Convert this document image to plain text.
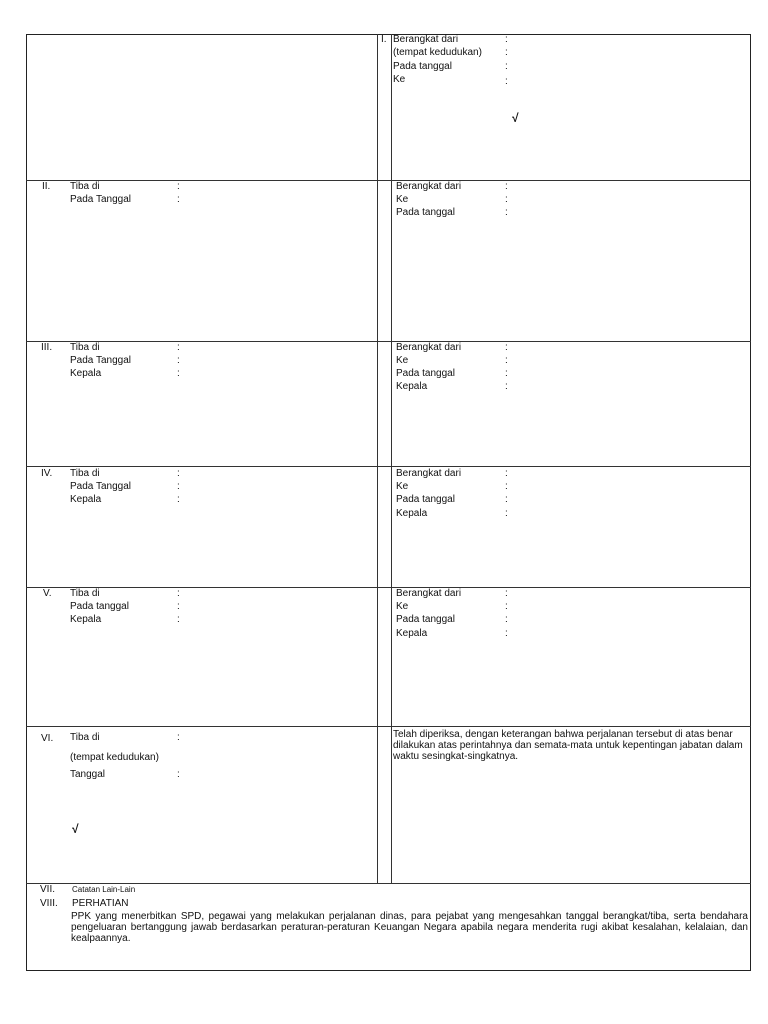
I. Berangkat dari	:
(tempat kedudukan) :
Pada tanggal	:
Ke	:
√
II. Tiba di	:
Pada Tanggal	:
Berangkat dari	:
Ke	:
Pada tanggal	:
III. Tiba di	:
Pada Tanggal	:
Kepala	:
Berangkat dari	:
Ke	:
Pada tanggal	:
Kepala	:
IV. Tiba di	:
Pada Tanggal	:
Kepala	:
Berangkat dari	:
Ke	:
Pada tanggal	:
Kepala	:
V. Tiba di	:
Pada tanggal	:
Kepala	:
Berangkat dari	:
Ke	:
Pada tanggal	:
Kepala	:
VI. Tiba di	:
(tempat kedudukan)
Tanggal	:
√
Telah diperiksa, dengan keterangan bahwa perjalanan tersebut di atas benar dilakukan atas perintahnya dan semata-mata untuk kepentingan jabatan dalam waktu sesingkat-singkatnya.
VII. Catatan Lain-Lain
VIII. PERHATIAN
PPK yang menerbitkan SPD, pegawai yang melakukan perjalanan dinas, para pejabat yang mengesahkan tanggal berangkat/tiba, serta bendahara pengeluaran bertanggung jawab berdasarkan peraturan-peraturan Keuangan Negara apabila negara menderita rugi akibat kesalahan, kelalaian, dan kealpaannya.
